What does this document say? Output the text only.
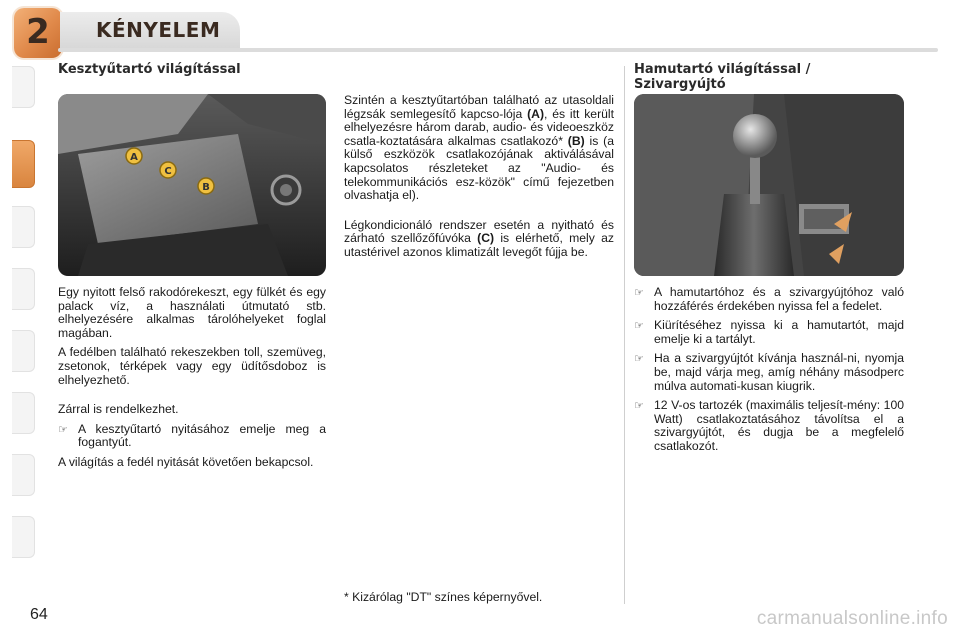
2	KÉNYELEM
Kesztyűtartó világítással
A
C
B

Egy nyitott felső rakodórekeszt, egy fülkét és egy palack víz, a használati útmutató stb. elhelyezésére alkalmas tárolóhelyeket foglal magában.

A fedélben található rekeszekben toll, szemüveg, zsetonok, térképek vagy egy üdítősdoboz is elhelyezhető.

Zárral is rendelkezhet.

☞ A kesztyűtartó nyitásához emelje meg a fogantyút.

A világítás a fedél nyitását követően bekapcsol.

Szintén a kesztyűtartóban található az utasoldali légzsák semlegesítő kapcso-lója (A), és itt került elhelyezésre három darab, audio- és videoeszköz csatla-koztatására alkalmas csatlakozó* (B) is (a külső eszközök csatlakozójának aktiválásával kapcsolatos részleteket az "Audio- és telekommunikációs esz-közök" című fejezetben olvashatja el).

Légkondicionáló rendszer esetén a nyitható és zárható szellőzőfúvóka (C) is elérhető, mely az utastérivel azonos klimatizált levegőt fújja be.

Hamutartó világítással / Szivargyújtó
☞ A hamutartóhoz és a szivargyújtóhoz való hozzáférés érdekében nyissa fel a fedelet.
☞ Kiürítéséhez nyissa ki a hamutartót, majd emelje ki a tartályt.
☞ Ha a szivargyújtót kívánja használ-ni, nyomja be, majd várja meg, amíg néhány másodperc múlva automati-kusan kiugrik.
☞ 12 V-os tartozék (maximális teljesít-mény: 100 Watt) csatlakoztatásához távolítsa el a szivargyújtót, és dugja be a megfelelő csatlakozót.
* Kizárólag "DT" színes képernyővel.
64	carmanualsonline.info
